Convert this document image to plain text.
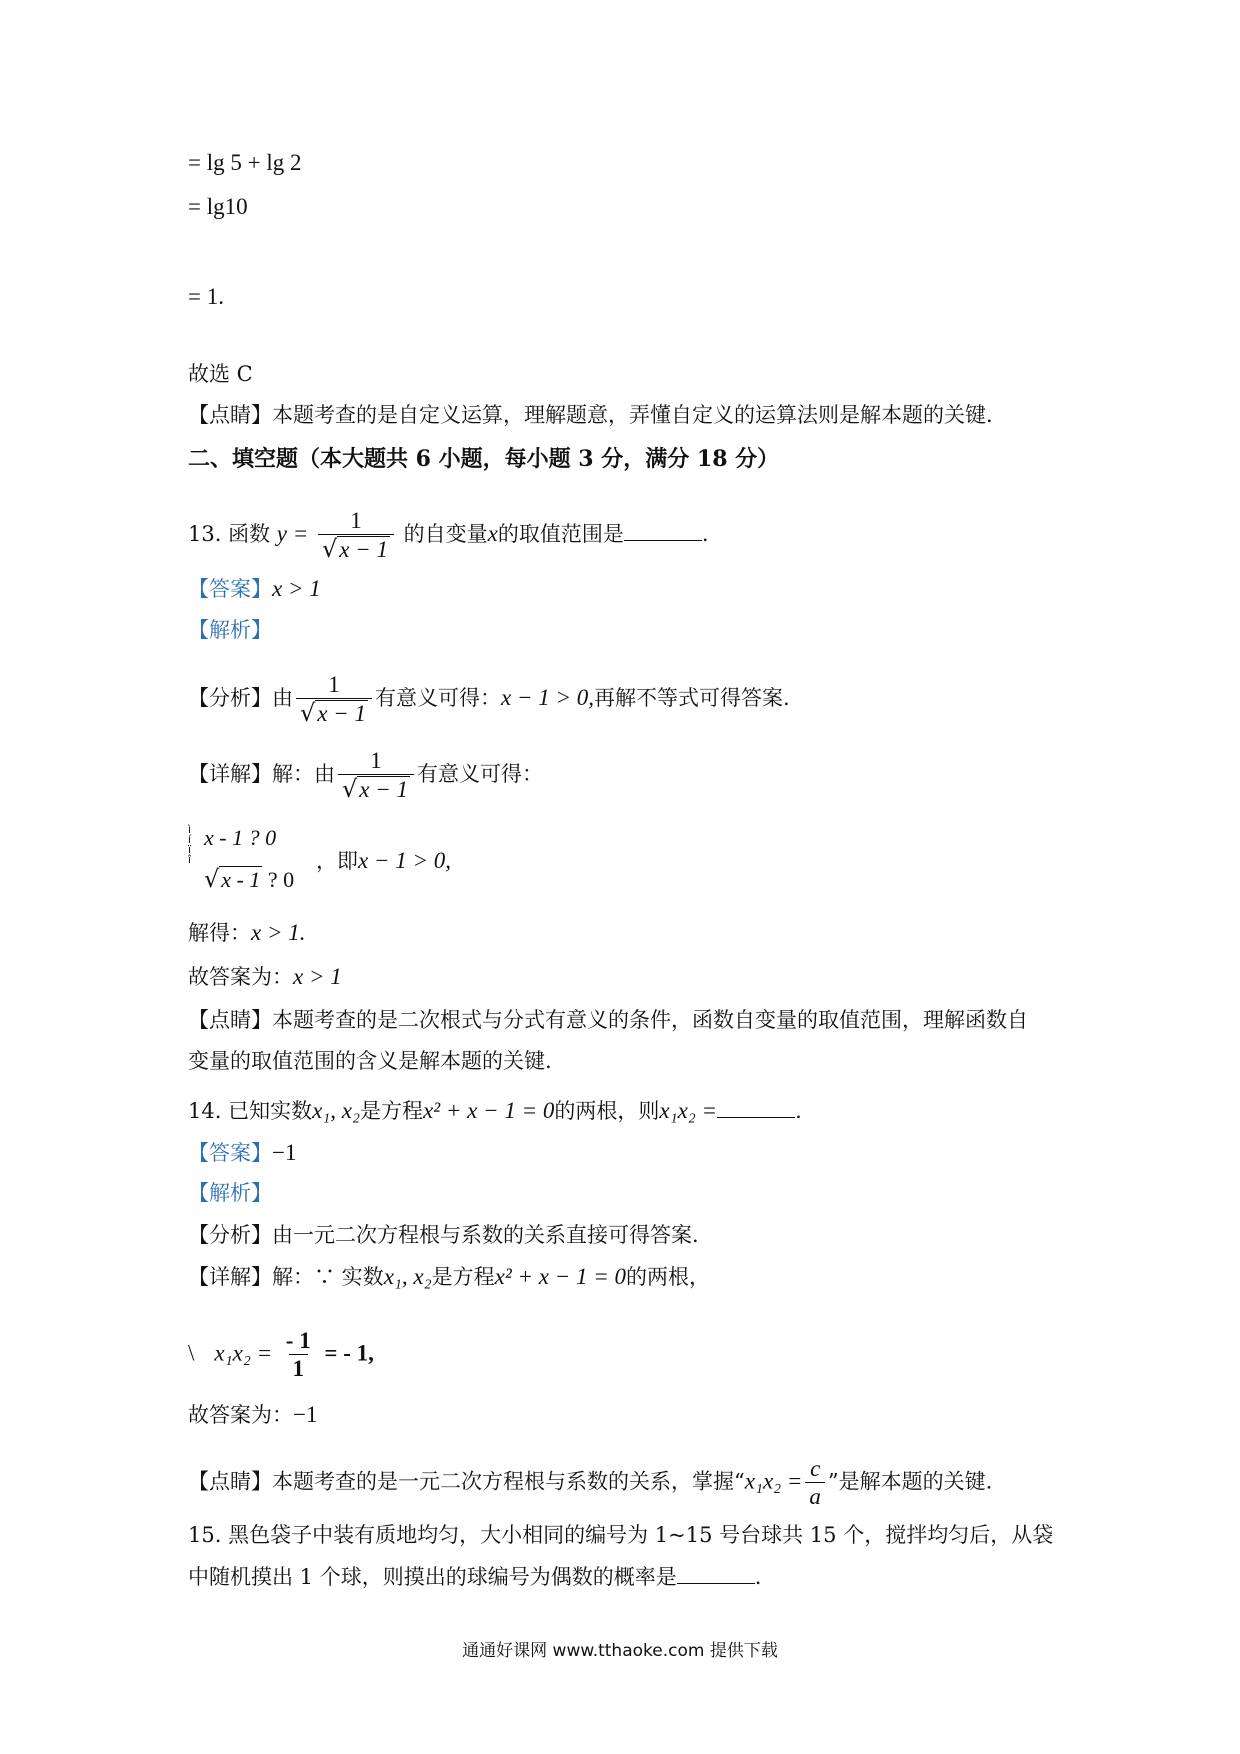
= lg 5 + lg 2
= lg10
= 1.
故选 C
【点睛】本题考查的是自定义运算，理解题意，弄懂自定义的运算法则是解本题的关键.
二、填空题（本大题共 6 小题，每小题 3 分，满分 18 分）
13. 函数 $y = \frac{1}{√x - 1}$ 的自变量x的取值范围是	.
【答案】x > 1
【解析】
【分析】由 $\frac{1}{√x - 1}$ 有意义可得：x − 1 > 0,再解不等式可得答案.
【详解】解：由 $\frac{1}{√x - 1}$ 有意义可得：
ì
í
ï
î
x - 1 ? 0
√x - 1 ? 0
，即x − 1 > 0,
解得：x > 1.
故答案为：x > 1
【点睛】本题考查的是二次根式与分式有意义的条件，函数自变量的取值范围，理解函数自
变量的取值范围的含义是解本题的关键.
14. 已知实数x₁, x₂是方程x² + x − 1 = 0的两根，则x₁x₂ =	.
【答案】−1
【解析】
【分析】由一元二次方程根与系数的关系直接可得答案.
【详解】解：∵ 实数x₁, x₂是方程x² + x − 1 = 0的两根，
\ $x_1x_2 = \frac{- 1}{1}$ = - 1,
故答案为：−1
【点睛】本题考查的是一元二次方程根与系数的关系，掌握“$x_1x_2 = \frac{c}{a}$ ”是解本题的关键.
15. 黑色袋子中装有质地均匀，大小相同的编号为 1~15 号台球共 15 个，搅拌均匀后，从袋
中随机摸出 1 个球，则摸出的球编号为偶数的概率是	.
通通好课网 www.tthaoke.com 提供下载
